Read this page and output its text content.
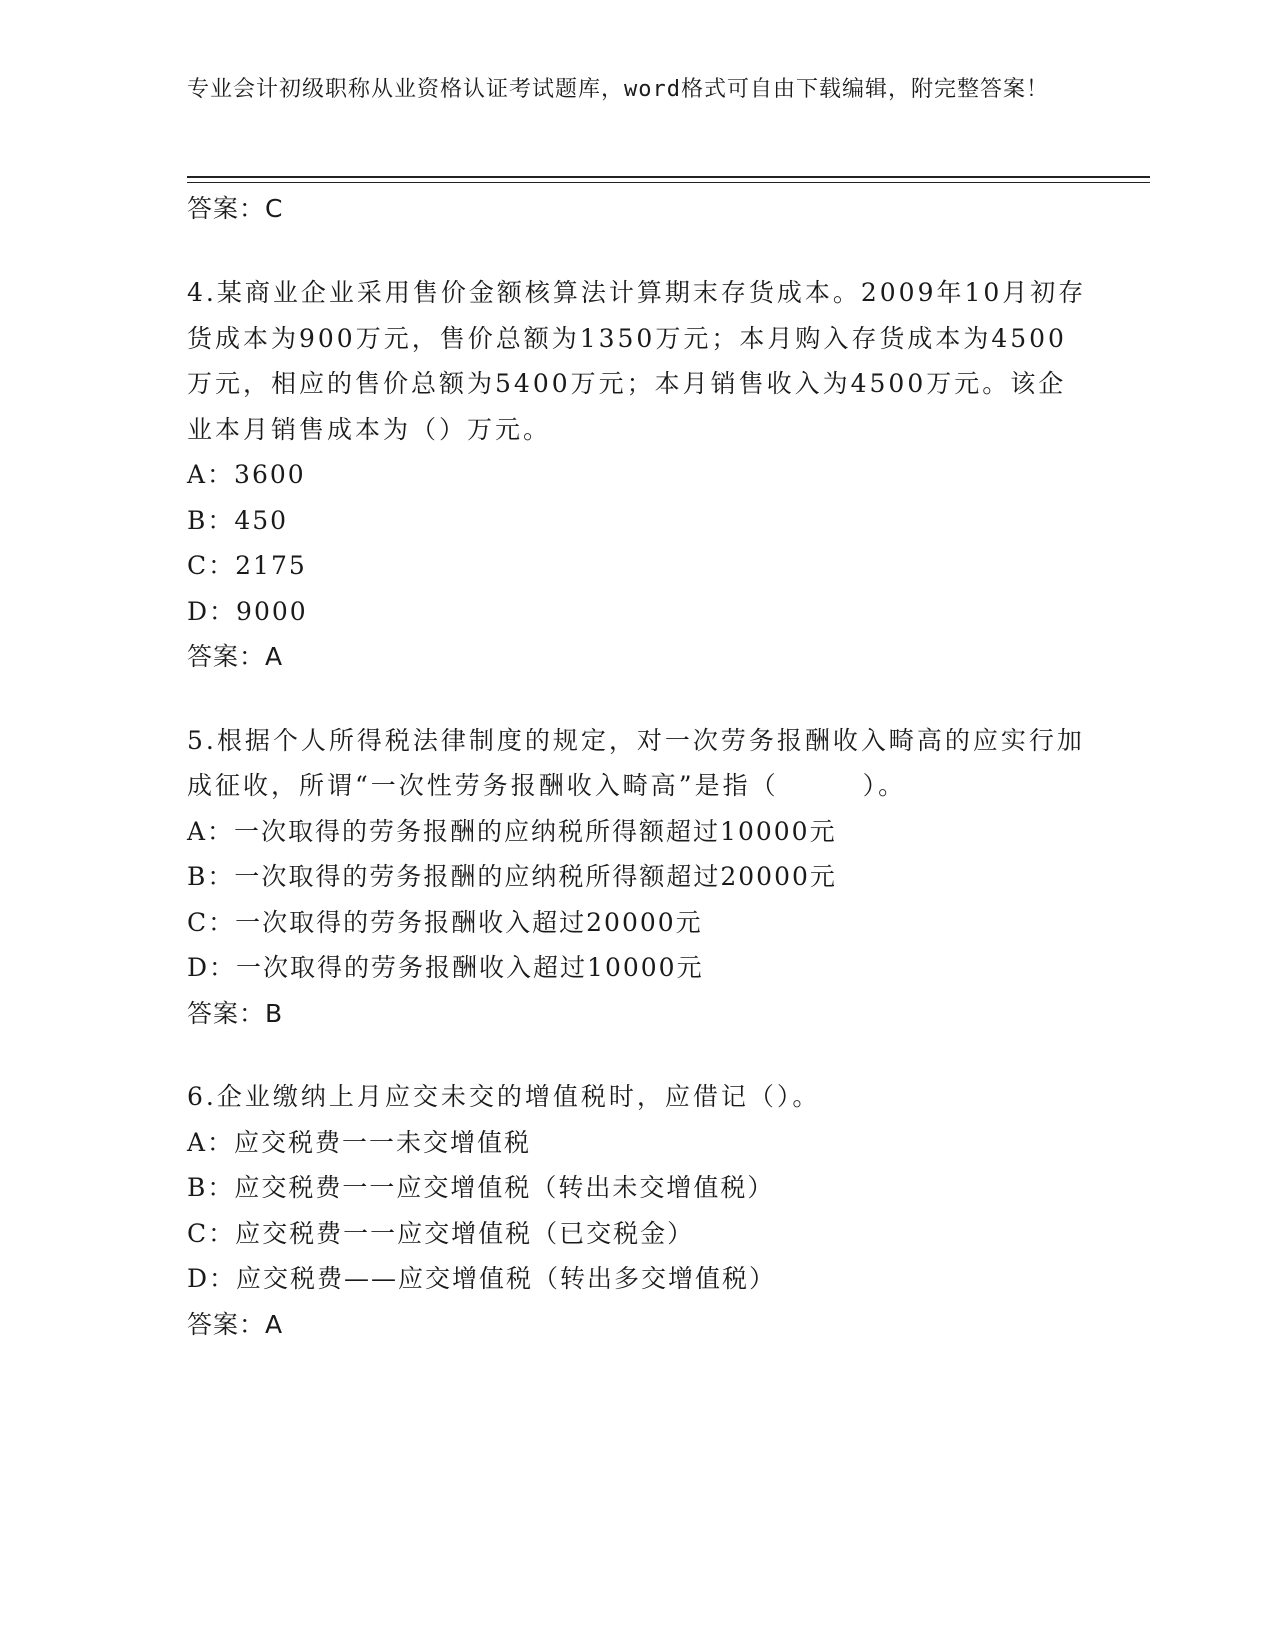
专业会计初级职称从业资格认证考试题库，word格式可自由下载编辑，附完整答案！
答案：C
4.某商业企业采用售价金额核算法计算期末存货成本。2009年10月初存货成本为900万元，售价总额为1350万元；本月购入存货成本为4500万元，相应的售价总额为5400万元；本月销售收入为4500万元。该企业本月销售成本为（）万元。
A：3600
B：450
C：2175
D：9000
答案：A
5.根据个人所得税法律制度的规定，对一次劳务报酬收入畸高的应实行加成征收，所谓“一次性劳务报酬收入畸高”是指（　　　）。
A：一次取得的劳务报酬的应纳税所得额超过10000元
B：一次取得的劳务报酬的应纳税所得额超过20000元
C：一次取得的劳务报酬收入超过20000元
D：一次取得的劳务报酬收入超过10000元
答案：B
6.企业缴纳上月应交未交的增值税时，应借记（）。
A：应交税费一一未交增值税
B：应交税费一一应交增值税（转出未交增值税）
C：应交税费一一应交增值税（已交税金）
D：应交税费——应交增值税（转出多交增值税）
答案：A
